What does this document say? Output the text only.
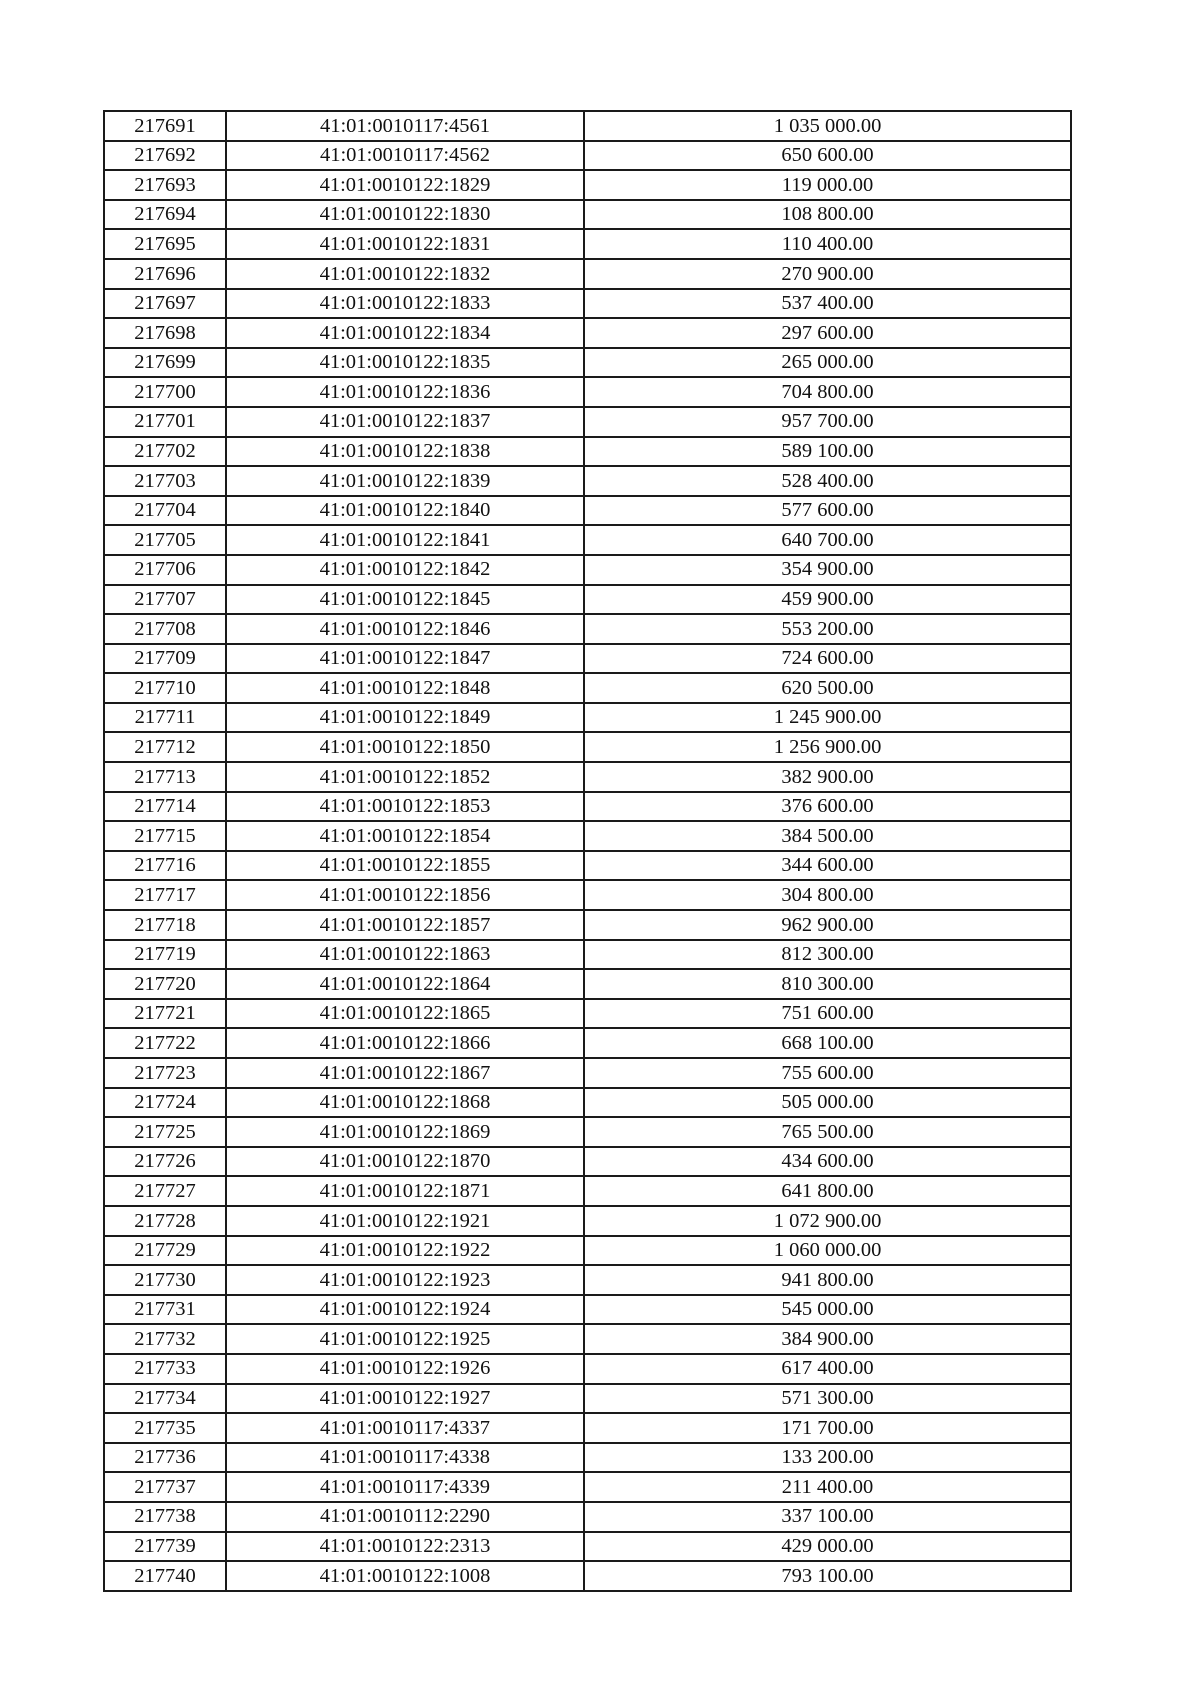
217691	41:01:0010117:4561	1 035 000.00
217692	41:01:0010117:4562	650 600.00
217693	41:01:0010122:1829	119 000.00
217694	41:01:0010122:1830	108 800.00
217695	41:01:0010122:1831	110 400.00
217696	41:01:0010122:1832	270 900.00
217697	41:01:0010122:1833	537 400.00
217698	41:01:0010122:1834	297 600.00
217699	41:01:0010122:1835	265 000.00
217700	41:01:0010122:1836	704 800.00
217701	41:01:0010122:1837	957 700.00
217702	41:01:0010122:1838	589 100.00
217703	41:01:0010122:1839	528 400.00
217704	41:01:0010122:1840	577 600.00
217705	41:01:0010122:1841	640 700.00
217706	41:01:0010122:1842	354 900.00
217707	41:01:0010122:1845	459 900.00
217708	41:01:0010122:1846	553 200.00
217709	41:01:0010122:1847	724 600.00
217710	41:01:0010122:1848	620 500.00
217711	41:01:0010122:1849	1 245 900.00
217712	41:01:0010122:1850	1 256 900.00
217713	41:01:0010122:1852	382 900.00
217714	41:01:0010122:1853	376 600.00
217715	41:01:0010122:1854	384 500.00
217716	41:01:0010122:1855	344 600.00
217717	41:01:0010122:1856	304 800.00
217718	41:01:0010122:1857	962 900.00
217719	41:01:0010122:1863	812 300.00
217720	41:01:0010122:1864	810 300.00
217721	41:01:0010122:1865	751 600.00
217722	41:01:0010122:1866	668 100.00
217723	41:01:0010122:1867	755 600.00
217724	41:01:0010122:1868	505 000.00
217725	41:01:0010122:1869	765 500.00
217726	41:01:0010122:1870	434 600.00
217727	41:01:0010122:1871	641 800.00
217728	41:01:0010122:1921	1 072 900.00
217729	41:01:0010122:1922	1 060 000.00
217730	41:01:0010122:1923	941 800.00
217731	41:01:0010122:1924	545 000.00
217732	41:01:0010122:1925	384 900.00
217733	41:01:0010122:1926	617 400.00
217734	41:01:0010122:1927	571 300.00
217735	41:01:0010117:4337	171 700.00
217736	41:01:0010117:4338	133 200.00
217737	41:01:0010117:4339	211 400.00
217738	41:01:0010112:2290	337 100.00
217739	41:01:0010122:2313	429 000.00
217740	41:01:0010122:1008	793 100.00
